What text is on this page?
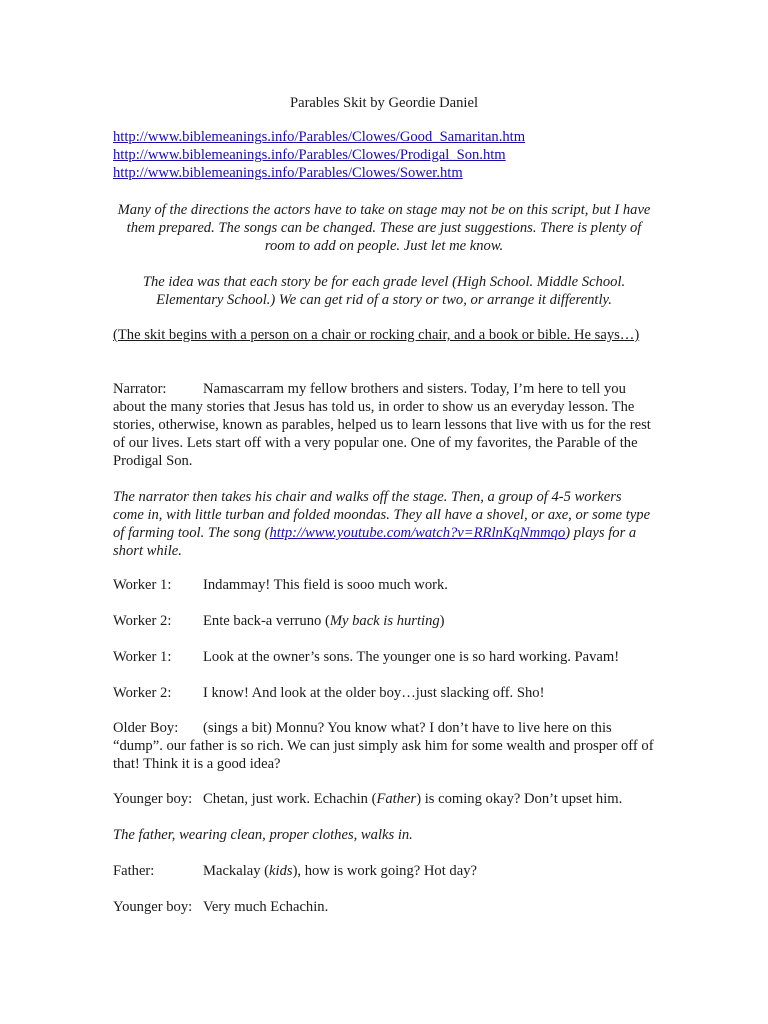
Parables Skit by Geordie Daniel
http://www.biblemeanings.info/Parables/Clowes/Good_Samaritan.htm
http://www.biblemeanings.info/Parables/Clowes/Prodigal_Son.htm
http://www.biblemeanings.info/Parables/Clowes/Sower.htm
Many of the directions the actors have to take on stage may not be on this script, but I have them prepared. The songs can be changed. These are just suggestions. There is plenty of room to add on people. Just let me know.
The idea was that each story be for each grade level (High School. Middle School. Elementary School.) We can get rid of a story or two, or arrange it differently.
(The skit begins with a person on a chair or rocking chair, and a book or bible. He says…)
Narrator:	Namascarram my fellow brothers and sisters. Today, I’m here to tell you about the many stories that Jesus has told us, in order to show us an everyday lesson. The stories, otherwise, known as parables, helped us to learn lessons that live with us for the rest of our lives. Lets start off with a very popular one. One of my favorites, the Parable of the Prodigal Son.
The narrator then takes his chair and walks off the stage. Then, a group of 4-5 workers come in, with little turban and folded moondas. They all have a shovel, or axe, or some type of farming tool. The song (http://www.youtube.com/watch?v=RRlnKqNmmqo) plays for a short while.
Worker 1: Indammay! This field is sooo much work.
Worker 2: Ente back-a verruno (My back is hurting)
Worker 1: Look at the owner’s sons. The younger one is so hard working. Pavam!
Worker 2: I know! And look at the older boy…just slacking off. Sho!
Older Boy: (sings a bit) Monnu? You know what? I don’t have to live here on this “dump”. our father is so rich. We can just simply ask him for some wealth and prosper off of that! Think it is a good idea?
Younger boy: Chetan, just work. Echachin (Father) is coming okay? Don’t upset him.
The father, wearing clean, proper clothes, walks in.
Father:	Mackalay (kids), how is work going? Hot day?
Younger boy: Very much Echachin.
